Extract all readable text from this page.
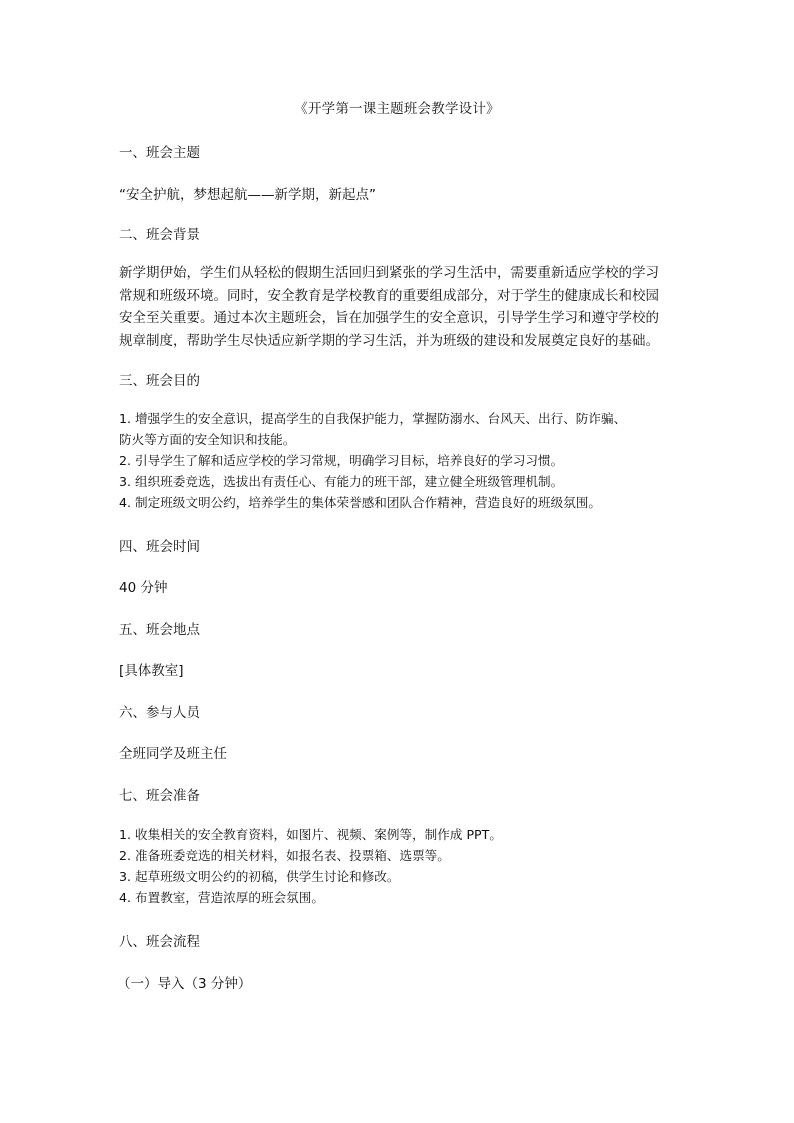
《开学第一课主题班会教学设计》
一、班会主题
“安全护航，梦想起航——新学期，新起点”
二、班会背景
新学期伊始，学生们从轻松的假期生活回归到紧张的学习生活中，需要重新适应学校的学习
常规和班级环境。同时，安全教育是学校教育的重要组成部分，对于学生的健康成长和校园
安全至关重要。通过本次主题班会，旨在加强学生的安全意识，引导学生学习和遵守学校的
规章制度，帮助学生尽快适应新学期的学习生活，并为班级的建设和发展奠定良好的基础。
三、班会目的
1. 增强学生的安全意识，提高学生的自我保护能力，掌握防溺水、台风天、出行、防诈骗、
防火等方面的安全知识和技能。
2. 引导学生了解和适应学校的学习常规，明确学习目标，培养良好的学习习惯。
3. 组织班委竞选，选拔出有责任心、有能力的班干部，建立健全班级管理机制。
4. 制定班级文明公约，培养学生的集体荣誉感和团队合作精神，营造良好的班级氛围。
四、班会时间
40 分钟
五、班会地点
[具体教室]
六、参与人员
全班同学及班主任
七、班会准备
1. 收集相关的安全教育资料，如图片、视频、案例等，制作成 PPT。
2. 准备班委竞选的相关材料，如报名表、投票箱、选票等。
3. 起草班级文明公约的初稿，供学生讨论和修改。
4. 布置教室，营造浓厚的班会氛围。
八、班会流程
（一）导入（3 分钟）
